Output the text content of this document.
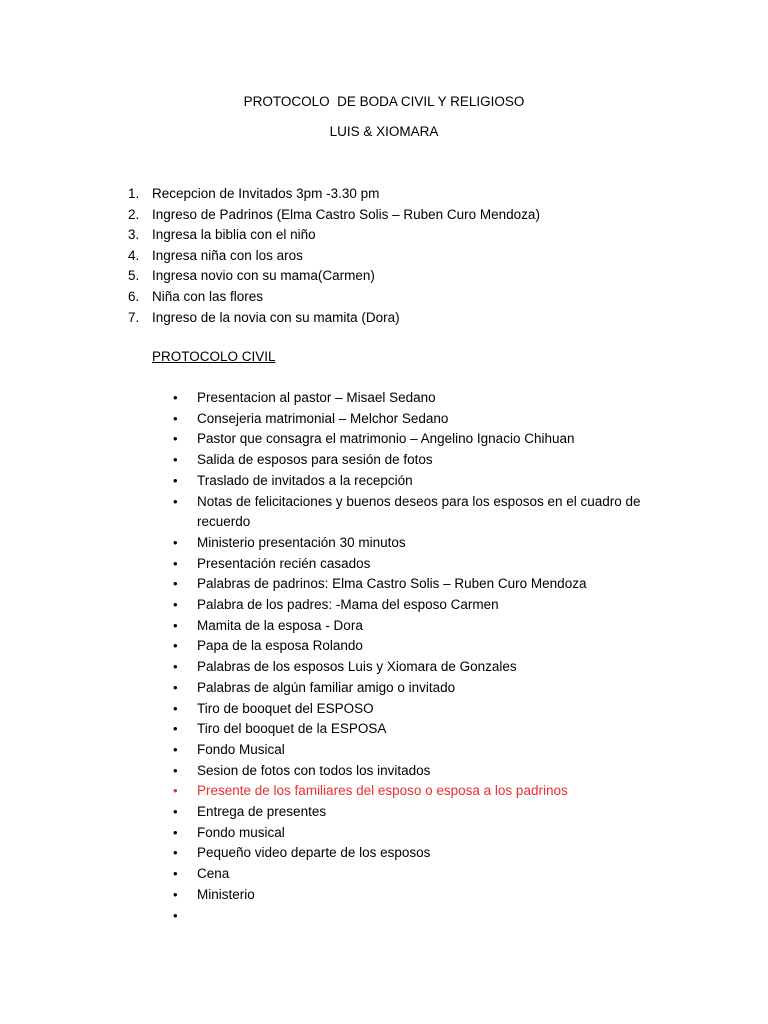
PROTOCOLO  DE BODA CIVIL Y RELIGIOSO
LUIS & XIOMARA
1. Recepcion de Invitados 3pm -3.30 pm
2. Ingreso de Padrinos (Elma Castro Solis – Ruben Curo Mendoza)
3. Ingresa la biblia con el niño
4. Ingresa niña con los aros
5. Ingresa novio con su mama(Carmen)
6. Niña con las flores
7. Ingreso de la novia con su mamita (Dora)
PROTOCOLO CIVIL
•	Presentacion al pastor – Misael Sedano
•	Consejeria matrimonial – Melchor Sedano
•	Pastor que consagra el matrimonio – Angelino Ignacio Chihuan
•	Salida de esposos para sesión de fotos
•	Traslado de invitados a la recepción
•	Notas de felicitaciones y buenos deseos para los esposos en el cuadro de recuerdo
•	Ministerio presentación 30 minutos
•	Presentación recién casados
•	Palabras de padrinos: Elma Castro Solis – Ruben Curo Mendoza
•	Palabra de los padres: -Mama del esposo Carmen
•	Mamita de la esposa - Dora
•	Papa de la esposa Rolando
•	Palabras de los esposos Luis y Xiomara de Gonzales
•	Palabras de algún familiar amigo o invitado
•	Tiro de booquet del ESPOSO
•	Tiro del booquet de la ESPOSA
•	Fondo Musical
•	Sesion de fotos con todos los invitados
•	Presente de los familiares del esposo o esposa a los padrinos
•	Entrega de presentes
•	Fondo musical
•	Pequeño video departe de los esposos
•	Cena
•	Ministerio
•
